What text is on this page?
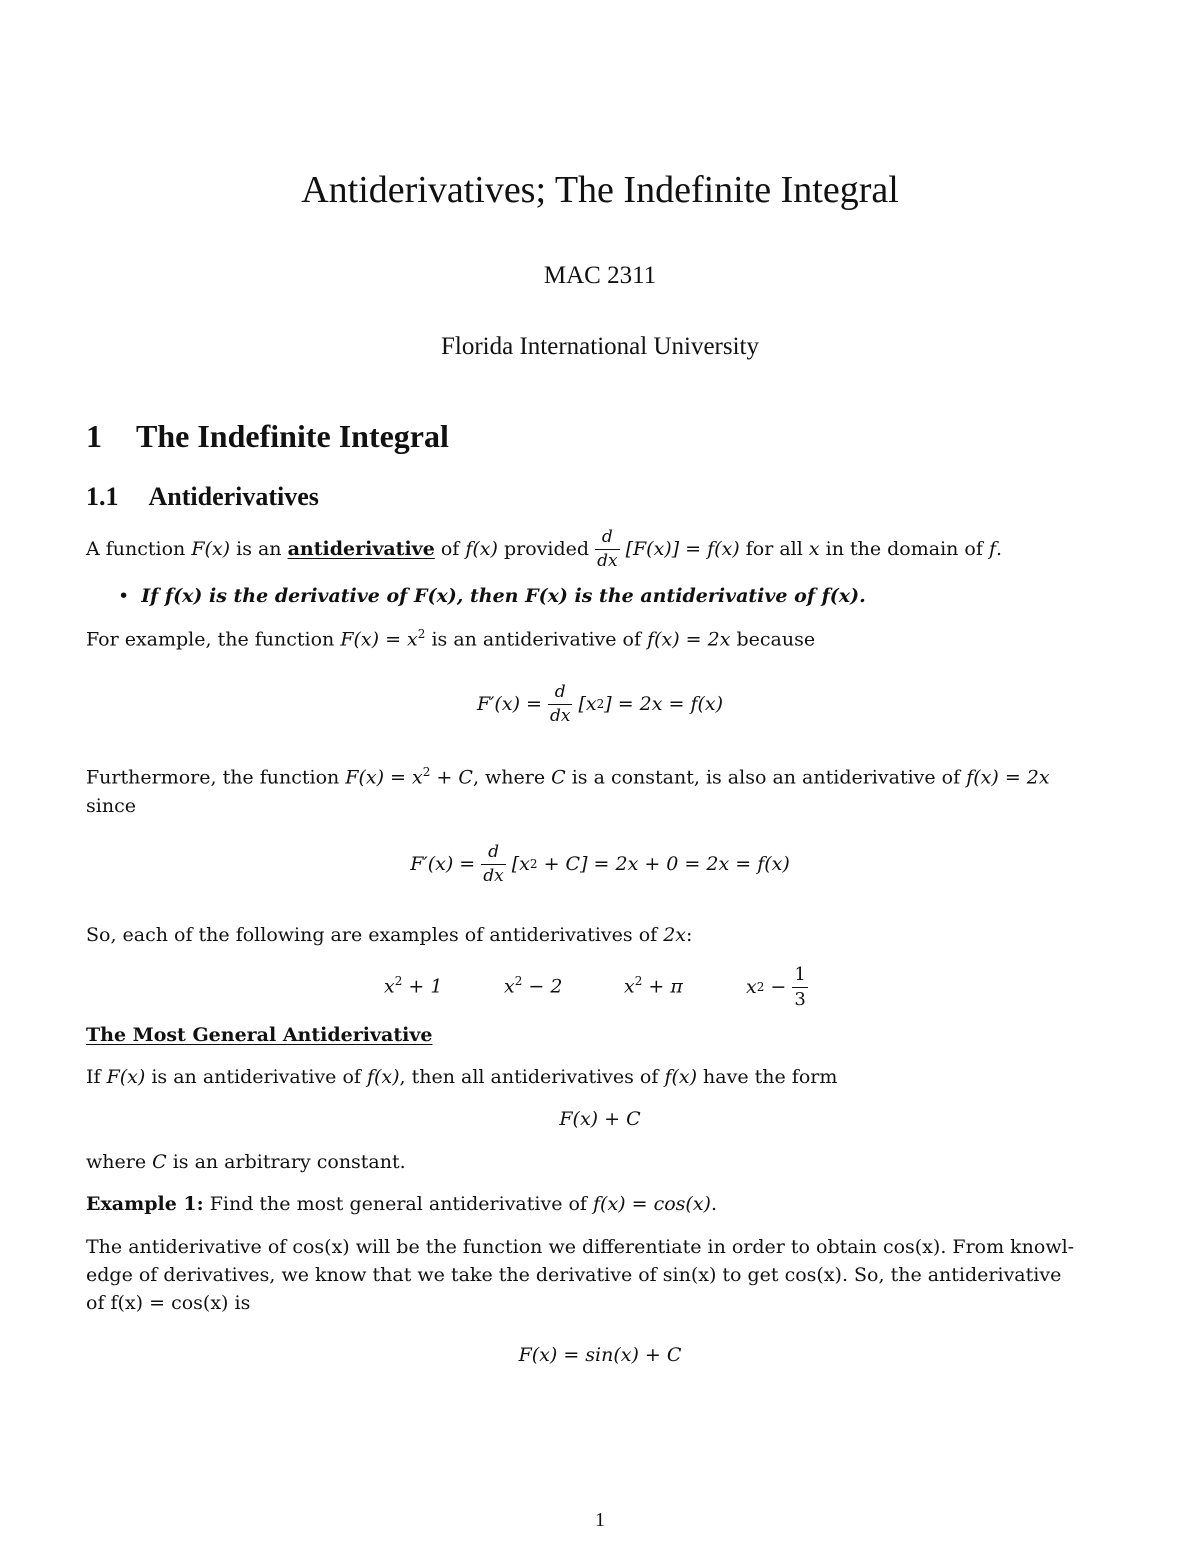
Antiderivatives; The Indefinite Integral
MAC 2311
Florida International University
1 The Indefinite Integral
1.1 Antiderivatives
A function F(x) is an antiderivative of f(x) provided $\frac{d}{dx} [F(x)] = f(x)$ for all x in the domain of f .
• If f(x) is the derivative of F(x), then F(x) is the antiderivative of f(x).
For example, the function $F(x) = x^2$ is an antiderivative of f(x) = 2x because
$F'(x) = \frac{d}{dx} [x$ 2 ] = 2x = f(x)
Furthermore, the function $F(x) = x^2 + C$, where C is a constant, is also an antiderivative of f(x) = 2x
since
$F'(x) = \frac{d}{dx} [x$ 2 + C] = 2x + 0 = 2x = f(x)
So, each of the following are examples of antiderivatives of 2x:
$x^2 + 1$	$x^2 - 2$	$x^2 + \pi$	x $2 - \frac{1}{3}$
The Most General Antiderivative
If F(x) is an antiderivative of f(x), then all antiderivatives of f(x) have the form
F(x) + C
where C is an arbitrary constant.
Example 1: Find the most general antiderivative of f(x) = cos(x).
The antiderivative of cos(x) will be the function we differentiate in order to obtain cos(x). From knowl-
edge of derivatives, we know that we take the derivative of sin(x) to get cos(x). So, the antiderivative
of f(x) = cos(x) is
F(x) = sin(x) + C
1
